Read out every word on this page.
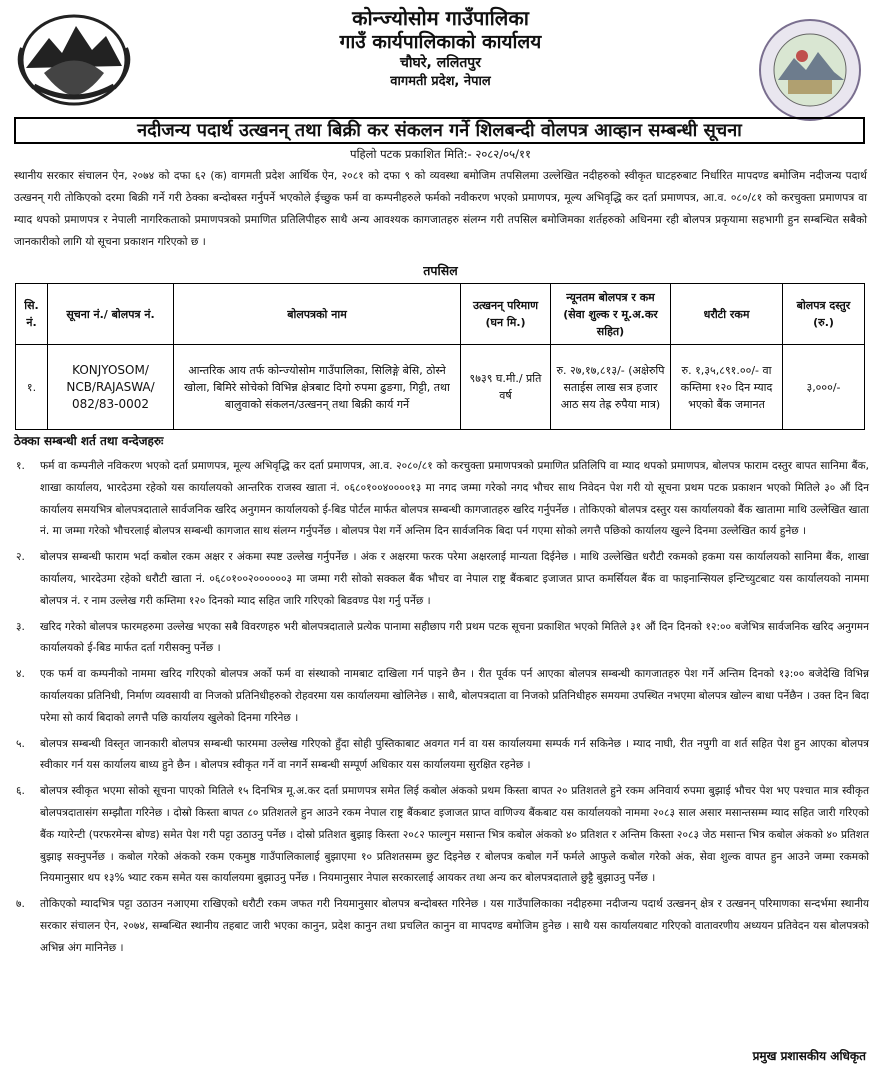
कोन्ज्योसोम गाउँपालिका
गाउँ कार्यपालिकाको कार्यालय
चौघरे, ललितपुर
वागमती प्रदेश, नेपाल
नदीजन्य पदार्थ उत्खनन् तथा बिक्री कर संकलन गर्ने शिलबन्दी वोलपत्र आव्हान सम्बन्धी सूचना
पहिलो पटक प्रकाशित मिति:- २०८२/०५/११

स्थानीय सरकार संचालन ऐन, २०७४ को दफा ६२ (क) वागमती प्रदेश आर्थिक ऐन, २०८१ को दफा ९ को व्यवस्था बमोजिम तपसिलमा उल्लेखित नदीहरुको स्वीकृत घाटहरुबाट निर्धारित मापदण्ड बमोजिम नदीजन्य पदार्थ उत्खनन् गरी तोकिएको दरमा बिक्री गर्ने गरी ठेक्का बन्दोबस्त गर्नुपर्ने भएकोले ईच्छुक फर्म वा कम्पनीहरुले फर्मको नवीकरण भएको प्रमाणपत्र, मूल्य अभिवृद्धि कर दर्ता प्रमाणपत्र, आ.व. ०८०/८१ को करचुक्ता प्रमाणपत्र वा म्याद थपको प्रमाणपत्र र नेपाली नागरिकताको प्रमाणपत्रको प्रमाणित प्रतिलिपीहरु साथै अन्य आवश्यक कागजातहरु संलग्न गरी तपसिल बमोजिमका शर्तहरुको अधिनमा रही बोलपत्र प्रकृयामा सहभागी हुन सम्बन्धित सबैको जानकारीको लागि यो सूचना प्रकाशन गरिएको छ ।

तपसिल
सि. नं.	सूचना नं./ बोलपत्र नं.	बोलपत्रको नाम	उत्खनन् परिमाण (घन मि.)	न्यूनतम बोलपत्र र कम (सेवा शुल्क र मू.अ.कर सहित)	धरौटी रकम	बोलपत्र दस्तुर (रु.)
१.	KONJYOSOM/ NCB/RAJASWA/ 082/83-0002	आन्तरिक आय तर्फ कोन्ज्योसोम गाउँपालिका, सिलिङ्गे बेसि, ठोस्ने खोला, बिमिरे सोचेको विभिन्न क्षेत्रबाट दिगो रुपमा ढुङगा, गिट्टी, तथा बालुवाको संकलन/उत्खनन् तथा बिक्री कार्य गर्ने	९७३९ घ.मी./ प्रति वर्ष	रु. २७,१७,८१३/- (अक्षेरुपि सताईस लाख सत्र हजार आठ सय तेह्र रुपैया मात्र)	रु. १,३५,८९१.००/- वा कम्तिमा १२० दिन म्याद भएको बैंक जमानत	३,०००/-
ठेक्का सम्बन्धी शर्त तथा वन्देजहरुः
१. फर्म वा कम्पनीले नविकरण भएको दर्ता प्रमाणपत्र, मूल्य अभिवृद्धि कर दर्ता प्रमाणपत्र, आ.व. २०८०/८१ को करचुक्ता प्रमाणपत्रको प्रमाणित प्रतिलिपि वा म्याद थपको प्रमाणपत्र, बोलपत्र फाराम दस्तुर बापत सानिमा बैंक, शाखा कार्यालय, भारदेउमा रहेको यस कार्यालयको आन्तरिक राजस्व खाता नं. ०६८०१००४००००१३ मा नगद जम्मा गरेको नगद भौचर साथ निवेदन पेश गरी यो सूचना प्रथम पटक प्रकाशन भएको मितिले ३० औं दिन कार्यालय समयभित्र बोलपत्रदाताले सार्वजनिक खरिद अनुगमन कार्यालयको ई-बिड पोर्टल मार्फत बोलपत्र सम्बन्धी कागजातहरु खरिद गर्नुपर्नेछ । तोकिएको बोलपत्र दस्तुर यस कार्यालयको बैंक खातामा माथि उल्लेखित खाता नं. मा जम्मा गरेको भौचरलाई बोलपत्र सम्बन्धी कागजात साथ संलग्न गर्नुपर्नेछ । बोलपत्र पेश गर्ने अन्तिम दिन सार्वजनिक बिदा पर्न गएमा सोको लगत्तै पछिको कार्यालय खुल्ने दिनमा उल्लेखित कार्य हुनेछ ।
२. बोलपत्र सम्बन्धी फाराम भर्दा कबोल रकम अक्षर र अंकमा स्पष्ट उल्लेख गर्नुपर्नेछ । अंक र अक्षरमा फरक परेमा अक्षरलाई मान्यता दिईनेछ । माथि उल्लेखित धरौटी रकमको हकमा यस कार्यालयको सानिमा बैंक, शाखा कार्यालय, भारदेउमा रहेको धरौटी खाता नं. ०६८०१००२००००००३ मा जम्मा गरी सोको सक्कल बैंक भौचर वा नेपाल राष्ट्र बैंकबाट इजाजत प्राप्त कमर्सियल बैंक वा फाइनान्सियल इन्टिच्युटबाट यस कार्यालयको नाममा बोलपत्र नं. र नाम उल्लेख गरी कम्तिमा १२० दिनको म्याद सहित जारि गरिएको बिडवण्ड पेश गर्नु पर्नेछ ।
३. खरिद गरेको बोलपत्र फारमहरुमा उल्लेख भएका सबै विवरणहरु भरी बोलपत्रदाताले प्रत्येक पानामा सहीछाप गरी प्रथम पटक सूचना प्रकाशित भएको मितिले ३१ औं दिन दिनको १२:०० बजेभित्र सार्वजनिक खरिद अनुगमन कार्यालयको ई-बिड मार्फत दर्ता गरीसक्नु पर्नेछ ।
४. एक फर्म वा कम्पनीको नाममा खरिद गरिएको बोलपत्र अर्को फर्म वा संस्थाको नामबाट दाखिला गर्न पाइने छैन । रीत पूर्वक पर्न आएका बोलपत्र सम्बन्धी कागजातहरु पेश गर्ने अन्तिम दिनको १३:०० बजेदेखि विभिन्न कार्यालयका प्रतिनिधी, निर्माण व्यवसायी वा निजको प्रतिनिधीहरुको रोहवरमा यस कार्यालयमा खोलिनेछ । साथै, बोलपत्रदाता वा निजको प्रतिनिधीहरु समयमा उपस्थित नभएमा बोलपत्र खोल्न बाधा पर्नेछैन । उक्त दिन बिदा परेमा सो कार्य बिदाको लगत्तै पछि कार्यालय खुलेको दिनमा गरिनेछ ।
५. बोलपत्र सम्बन्धी विस्तृत जानकारी बोलपत्र सम्बन्धी फारममा उल्लेख गरिएको हुँदा सोही पुस्तिकाबाट अवगत गर्न वा यस कार्यालयमा सम्पर्क गर्न सकिनेछ । म्याद नाघी, रीत नपुगी वा शर्त सहित पेश हुन आएका बोलपत्र स्वीकार गर्न यस कार्यालय बाध्य हुने छैन । बोलपत्र स्वीकृत गर्ने वा नगर्ने सम्बन्धी सम्पूर्ण अधिकार यस कार्यालयमा सुरक्षित रहनेछ ।
६. बोलपत्र स्वीकृत भएमा सोको सूचना पाएको मितिले १५ दिनभित्र मू.अ.कर दर्ता प्रमाणपत्र समेत लिई कबोल अंकको प्रथम किस्ता बापत २० प्रतिशतले हुने रकम अनिवार्य रुपमा बुझाई भौचर पेश भए पश्चात मात्र स्वीकृत बोलपत्रदातासंग सम्झौता गरिनेछ । दोस्रो किस्ता बापत ८० प्रतिशतले हुन आउने रकम नेपाल राष्ट्र बैंकबाट इजाजत प्राप्त वाणिज्य बैंकबाट यस कार्यालयको नाममा २०८३ साल असार मसान्तसम्म म्याद सहित जारी गरिएको बैंक ग्यारेन्टी (परफरमेन्स बोण्ड) समेत पेश गरी पट्टा उठाउनु पर्नेछ । दोस्रो प्रतिशत बुझाइ किस्ता २०८२ फाल्गुन मसान्त भित्र कबोल अंकको ४० प्रतिशत र अन्तिम किस्ता २०८३ जेठ मसान्त भित्र कबोल अंकको ४० प्रतिशत बुझाइ सक्नुपर्नेछ । कबोल गरेको अंकको रकम एकमुष्ठ गाउँपालिकालाई बुझाएमा १० प्रतिशतसम्म छुट दिइनेछ र बोलपत्र कबोल गर्ने फर्मले आफुले कबोल गरेको अंक, सेवा शुल्क वापत हुन आउने जम्मा रकमको नियमानुसार थप १३% भ्याट रकम समेत यस कार्यालयमा बुझाउनु पर्नेछ । नियमानुसार नेपाल सरकारलाई आयकर तथा अन्य कर बोलपत्रदाताले छुट्टै बुझाउनु पर्नेछ ।
७. तोकिएको म्यादभित्र पट्टा उठाउन नआएमा राखिएको धरौटी रकम जफत गरी नियमानुसार बोलपत्र बन्दोबस्त गरिनेछ । यस गाउँपालिकाका नदीहरुमा नदीजन्य पदार्थ उत्खनन् क्षेत्र र उत्खनन् परिमाणका सन्दर्भमा स्थानीय सरकार संचालन ऐन, २०७४, सम्बन्धित स्थानीय तहबाट जारी भएका कानुन, प्रदेश कानुन तथा प्रचलित कानुन वा मापदण्ड बमोजिम हुनेछ । साथै यस कार्यालयबाट गरिएको वातावरणीय अध्ययन प्रतिवेदन यस बोलपत्रको अभिन्न अंग मानिनेछ ।
प्रमुख प्रशासकीय अधिकृत
